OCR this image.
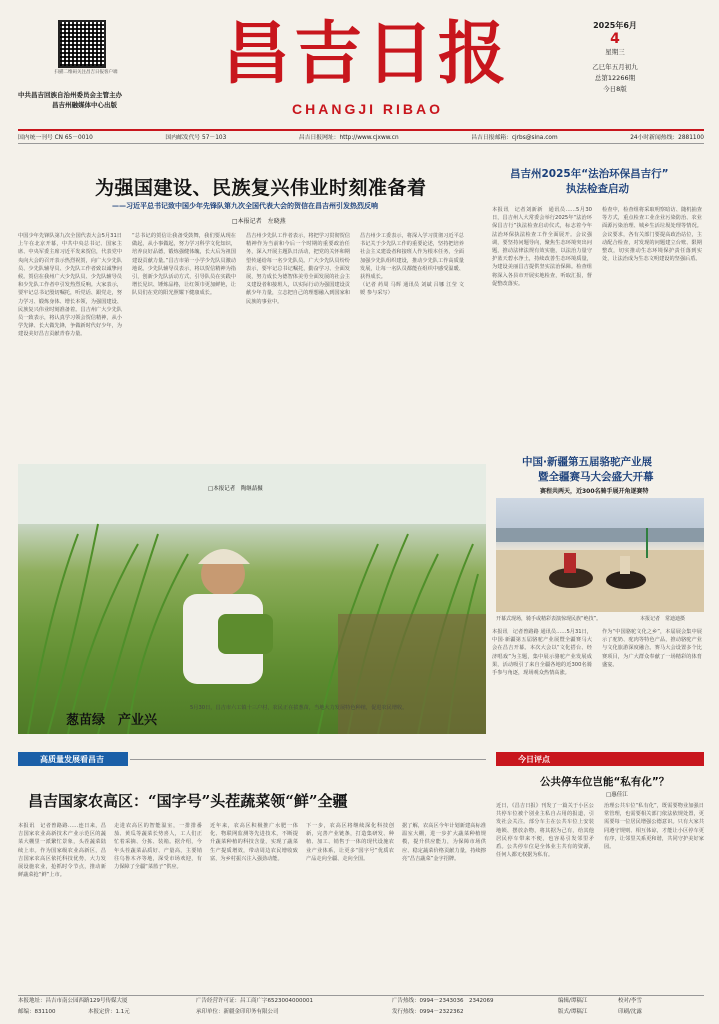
扫描二维码关注昌吉日报客户端
中共昌吉回族自治州委员会主管主办
昌吉州融媒体中心出版
昌吉日报
CHANGJI RIBAO
2025年6月
4
星期三
乙巳年五月初九
总第12266期
今日8版
国内统一刊号 CN 65－0010	国内邮发代号 57－103	昌吉日报网址：http://www.cjxww.cn	昌吉日报邮箱：cjrbs@sina.com	24小时新闻热线：2881100
为强国建设、民族复兴伟业时刻准备着
——习近平总书记致中国少年先锋队第九次全国代表大会的贺信在昌吉州引发热烈反响
□本报记者　左晓燕
中国少年先锋队第九次全国代表大会5月31日上午在北京开幕，中共中央总书记、国家主席、中央军委主席习近平发来贺信，代表党中央向大会的召开表示热烈祝贺，向广大少先队员、少先队辅导员、少先队工作者致以诚挚问候。贺信在我州广大少先队员、少先队辅导员和少先队工作者中引发热烈反响。大家表示，要牢记总书记殷切嘱托，听党话、跟党走，努力学习、锻炼身体、增长本领，为强国建设、民族复兴伟业时刻准备着。昌吉州广大少先队员一致表示，将认真学习领会贺信精神，从小学先锋、长大做先锋，争做新时代好少年，为建设美好昌吉贡献青春力量。
“总书记的贺信让我备受鼓舞，我们要从现在做起，从小事做起，努力学习科学文化知识，培养良好品德，锻炼强健体魄，长大后为祖国建设贡献力量。”昌吉市第一小学少先队员激动地说。少先队辅导员表示，将以贺信精神为指引，创新少先队活动方式，引导队员在实践中增长见识、锤炼品格，让红领巾更加鲜艳，让队员们在党的阳光照耀下健康成长。
昌吉州少先队工作者表示，将把学习贯彻贺信精神作为当前和今后一个时期的重要政治任务，深入开展主题队日活动，把党的关怀和期望传递给每一名少先队员。广大少先队员纷纷表示，要牢记总书记嘱托，勤奋学习、全面发展，努力成长为德智体美劳全面发展的社会主义建设者和接班人，以实际行动为强国建设贡献少年力量，立志把自己的理想融入到国家和民族的事业中。
昌吉州少工委表示，将深入学习贯彻习近平总书记关于少先队工作的重要论述，坚持把培养社会主义建设者和接班人作为根本任务，全面加强少先队组织建设，推动少先队工作高质量发展，让每一名队员都能在组织中感受温暖、获得成长。
（记者 药周 马辉 通讯员 刘斌 吕娜 江莹 文媛 参与采写）
葱苗绿　产业兴
□本报记者　陶继喆摄
5月30日，昌吉市六工镇十三户村，农民正在拔葱苗，当地大力发展特色种植，促进农民增收。
昌吉州2025年“法治环保昌吉行”
执法检查启动
本报讯　记者刘新新　通讯员……5月30日，昌吉州人大常委会举行2025年“法治环保昌吉行”执法检查启动仪式，标志着今年法治环保执法检查工作全面展开。会议强调，要坚持问题导向，聚焦生态环境突出问题，推动法律法规有效实施，以法治力量守护蓝天碧水净土，持续改善生态环境质量，为建设美丽昌吉提供坚实法治保障。检查组将深入各县市开展实地检查，听取汇报，督促整改落实。
检查中，检查组将采取明察暗访、随机抽查等方式，重点检查工业企业污染防治、农业面源污染治理、城乡生活垃圾处理等情况。会议要求，各有关部门要提高政治站位，主动配合检查，对发现的问题建立台账、限期整改，切实推动生态环境保护责任落到实处，让法治成为生态文明建设的坚强后盾。
中国·新疆第五届骆驼产业展
暨全疆赛马大会盛大开幕
赛程共两天，近300名骑手展开角逐赛特
开幕式现场，骑手或精彩表演惊现民族“绝技”。	本报记者　常迪迪摄
本报讯　记者曾路路 通讯员……5月31日，中国·新疆第五届骆驼产业展暨全疆赛马大会在昌吉开幕。本次大会以“文化搭台、经济唱戏”为主题，集中展示骆驼产业发展成果，活动吸引了来自全疆各地的近300名骑手参与角逐，现场观众热情高涨。
作为“中国骆驼文化之乡”，本届展会集中展示了驼奶、驼肉等特色产品，推动骆驼产业与文化旅游深度融合。赛马大会设置多个比赛项目，为广大群众奉献了一场精彩的体育盛宴。
高质量发展看昌吉
昌吉国家农高区：“国字号”头茬蔬菜领“鲜”全疆
本报讯　记者曾路路……连日来，昌吉国家农业高新技术产业示范区的蔬菜大棚里一派繁忙景象，头茬蔬菜陆续上市。作为国家级农业高新区，昌吉国家农高区依托科技优势，大力发展设施农业，抢抓时令节点，推动新鲜蔬菜抢“鲜”上市。
走进农高区的智能温室，一排排番茄、黄瓜等蔬菜长势喜人，工人们正忙着采摘、分拣、装箱。据介绍，今年头茬蔬菜品质好、产量高，主要销往乌鲁木齐等地，深受市场欢迎，有力保障了全疆“菜篮子”供应。
近年来，农高区积极推广水肥一体化、物联网监测等先进技术，不断提升蔬菜种植的科技含量，实现了蔬菜生产提质增效，带动周边农民增收致富，为乡村振兴注入强劲动能。
下一步，农高区将继续深化科技创新，完善产业链条，打造集研发、种植、加工、销售于一体的现代设施农业产业体系，让更多“国字号”优质农产品走向全疆、走向全国。
据了解，农高区今年计划新建高标准温室大棚，进一步扩大蔬菜种植规模，提升供应能力，为保障市场供应、稳定蔬菜价格贡献力量，持续擦亮“昌吉蔬菜”金字招牌。
今日评点
公共停车位岂能“私有化”？
□惠佳江
近日，《昌吉日报》刊发了一篇关于小区公共停车位被个别业主私自占用的报道，引发社会关注。部分车主在公共车位上安装地锁、摆放杂物，将其据为己有，给其他居民停车带来不便，也容易引发邻里矛盾。公共停车位是全体业主共有的资源，任何人都无权据为私有。
治理公共车位“私有化”，既需要物业加强日常管理，也需要相关部门依法依规处置，更需要每一位居民增强公德意识。只有大家共同遵守规则、相互体谅，才能让小区停车更有序，让邻里关系更和谐，共同守护美好家园。
本报地址：昌吉市南公园西路129号传媒大厦	广告经营许可证：昌工商广字6523004000001	广告热线：0994－2343036　2342069	编辑/谭稿江	校对/李雪
邮编：831100	本报定价：1.1元	承印单位：新疆金印印务有限公司	发行热线：0994－2322362	版式/谭稿江	印刷/沈露
